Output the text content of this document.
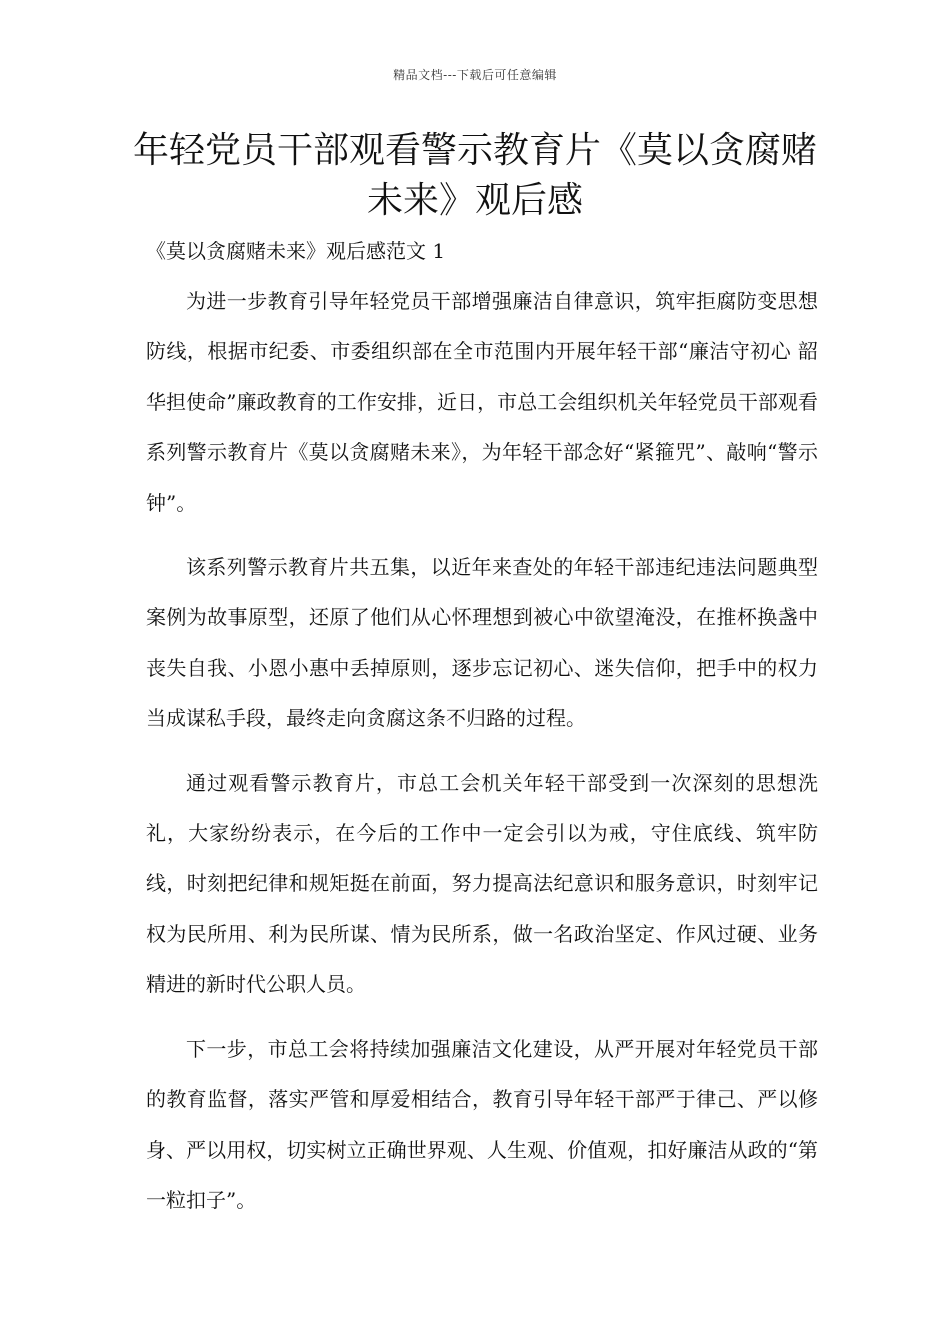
精品文档---下载后可任意编辑
年轻党员干部观看警示教育片《莫以贪腐赌未来》观后感
《莫以贪腐赌未来》观后感范文 1

为进一步教育引导年轻党员干部增强廉洁自律意识，筑牢拒腐防变思想防线，根据市纪委、市委组织部在全市范围内开展年轻干部“廉洁守初心 韶华担使命”廉政教育的工作安排，近日，市总工会组织机关年轻党员干部观看系列警示教育片《莫以贪腐赌未来》，为年轻干部念好“紧箍咒”、敲响“警示钟”。

该系列警示教育片共五集，以近年来查处的年轻干部违纪违法问题典型案例为故事原型，还原了他们从心怀理想到被心中欲望淹没，在推杯换盏中丧失自我、小恩小惠中丢掉原则，逐步忘记初心、迷失信仰，把手中的权力当成谋私手段，最终走向贪腐这条不归路的过程。

通过观看警示教育片，市总工会机关年轻干部受到一次深刻的思想洗礼，大家纷纷表示，在今后的工作中一定会引以为戒，守住底线、筑牢防线，时刻把纪律和规矩挺在前面，努力提高法纪意识和服务意识，时刻牢记权为民所用、利为民所谋、情为民所系，做一名政治坚定、作风过硬、业务精进的新时代公职人员。

下一步，市总工会将持续加强廉洁文化建设，从严开展对年轻党员干部的教育监督，落实严管和厚爱相结合，教育引导年轻干部严于律己、严以修身、严以用权，切实树立正确世界观、人生观、价值观，扣好廉洁从政的“第一粒扣子”。
